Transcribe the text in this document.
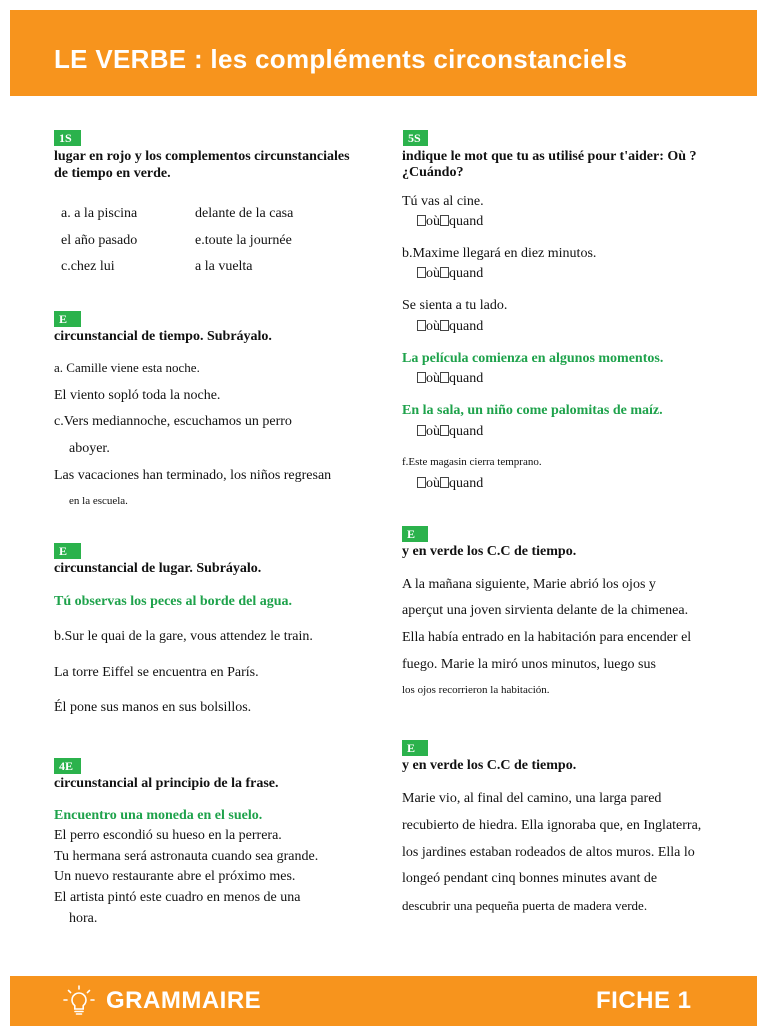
LE VERBE : les compléments circonstanciels
1S
lugar en rojo y los complementos circunstanciales
de tiempo en verde.
a. a la piscina	delante de la casa
el año pasado	e.toute la journée
c.chez lui	a la vuelta
E
circunstancial de tiempo. Subráyalo.
a. Camille viene esta noche.
El viento sopló toda la noche.
c.Vers mediannoche, escuchamos un perro
aboyer.
Las vacaciones han terminado, los niños regresan
en la escuela.
E
circunstancial de lugar. Subráyalo.
Tú observas los peces al borde del agua.
b.Sur le quai de la gare, vous attendez le train.
La torre Eiffel se encuentra en París.
Él pone sus manos en sus bolsillos.
4E
circunstancial al principio de la frase.
Encuentro una moneda en el suelo.
El perro escondió su hueso en la perrera.
Tu hermana será astronauta cuando sea grande.
Un nuevo restaurante abre el próximo mes.
El artista pintó este cuadro en menos de una
hora.
5S
indique le mot que tu as utilisé pour t'aider: Où ?
¿Cuándo?
Tú vas al cine.
où quand
b.Maxime llegará en diez minutos.
où quand
Se sienta a tu lado.
où quand
La película comienza en algunos momentos.
où quand
En la sala, un niño come palomitas de maíz.
où quand
f.Este magasin cierra temprano.
où quand
E
y en verde los C.C de tiempo.
A la mañana siguiente, Marie abrió los ojos y
aperçut una joven sirvienta delante de la chimenea.
Ella había entrado en la habitación para encender el
fuego. Marie la miró unos minutos, luego sus
los ojos recorrieron la habitación.
E
y en verde los C.C de tiempo.
Marie vio, al final del camino, una larga pared
recubierto de hiedra. Ella ignoraba que, en Inglaterra,
los jardines estaban rodeados de altos muros. Ella lo
longeó pendant cinq bonnes minutes avant de
descubrir una pequeña puerta de madera verde.
GRAMMAIRE	FICHE 1
